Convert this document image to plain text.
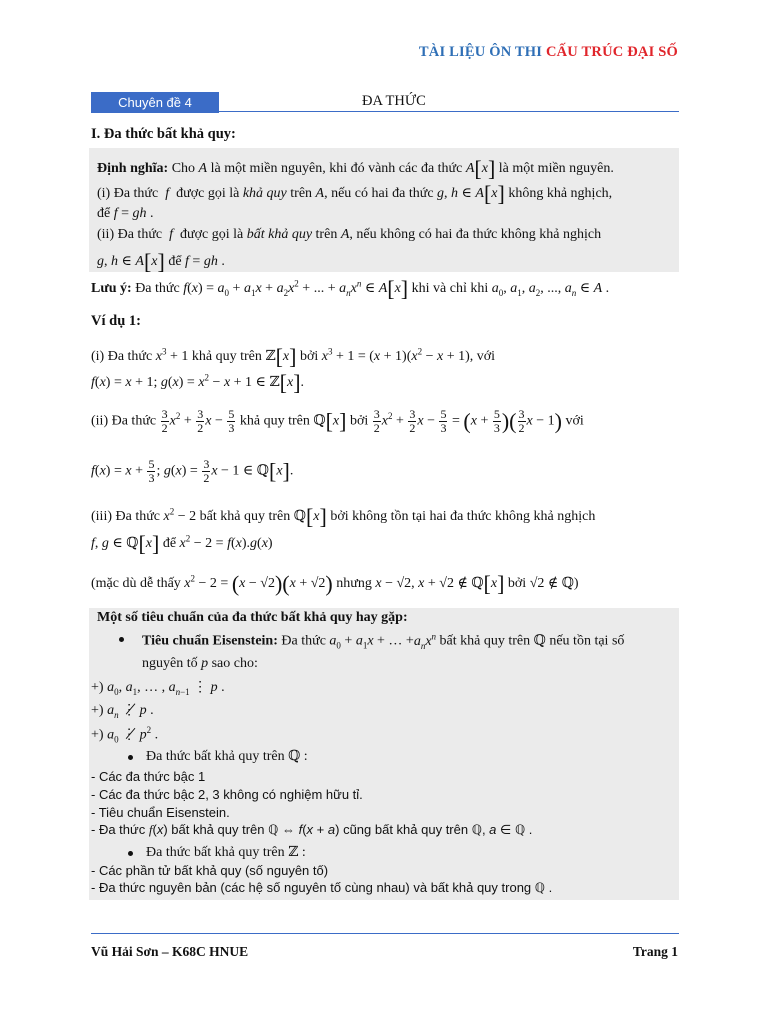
TÀI LIỆU ÔN THI CẤU TRÚC ĐẠI SỐ
Chuyên đề 4	ĐA THỨC
I. Đa thức bất khả quy:
Định nghĩa: Cho A là một miền nguyên, khi đó vành các đa thức A[x] là một miền nguyên.
(i) Đa thức  f  được gọi là khả quy trên A, nếu có hai đa thức g, h ∈ A[x] không khả nghịch,
để f = gh .
(ii) Đa thức  f  được gọi là bất khả quy trên A, nếu không có hai đa thức không khả nghịch
g, h ∈ A[x] để f = gh .
Lưu ý: Đa thức $f(x) = a_0 + a_1x + a_2x^2$ + ... + $a_nx^n$ ∈ A[x] khi và chỉ khi $a_0$, $a_1$, $a_2$, ..., $a_n$ ∈ A .
Ví dụ 1:
(i) Đa thức $x^3 + 1$ khả quy trên ℤ[x] bởi $x^3 + 1 = (x + 1)(x^2 - x + 1)$, với
f(x) = x + 1; $g(x) = x^2 - x + 1$ ∈ ℤ[x].
(ii) Đa thức $\frac{3}{2} x^2 + \frac{3}{2}$ $x - \frac{5}{3}$ khả quy trên ℚ[x] bởi $\frac{3}{2} x^2 + \frac{3}{2}$ $x - \frac{5}{3} = (x + \frac{5}{3}$ )( $\frac{3}{2}$ x − 1) với
$f(x) = x + \frac{5}{3}$ ; $g(x) = \frac{3}{2}$ x − 1 ∈ ℚ[x].
(iii) Đa thức $x^2 - 2$ bất khả quy trên ℚ[x] bởi không tồn tại hai đa thức không khả nghịch
f, g ∈ ℚ[x] để $x^2 - 2 = f(x).g(x)$
(mặc dù dễ thấy $x^2 - 2 = (x - √2)(x + √2)$ nhưng x − √2, x + √2 ∉ ℚ[x] bởi √2 ∉ ℚ)
Một số tiêu chuẩn của đa thức bất khả quy hay gặp:
Tiêu chuẩn Eisenstein: Đa thức $a_0 + a_1x$ + … $+a_nx^n$ bất khả quy trên ℚ nếu tồn tại số
nguyên tố p sao cho:
+) $a_0$, $a_1$, … , $a_{n-1}$ ⋮ p .
+) $a_n$ ⋮̸ p .
+) $a_0$ ⋮̸ $p^2$ .
Đa thức bất khả quy trên ℚ :
- Các đa thức bậc 1
- Các đa thức bậc 2, 3 không có nghiệm hữu tỉ.
- Tiêu chuẩn Eisenstein.
- Đa thức f(x) bất khả quy trên ℚ ⇔ f(x + a) cũng bất khả quy trên ℚ, a ∈ ℚ .
Đa thức bất khả quy trên ℤ :
- Các phần tử bất khả quy (số nguyên tố)
- Đa thức nguyên bản (các hệ số nguyên tố cùng nhau) và bất khả quy trong ℚ .
Vũ Hải Sơn – K68C HNUE	Trang 1
